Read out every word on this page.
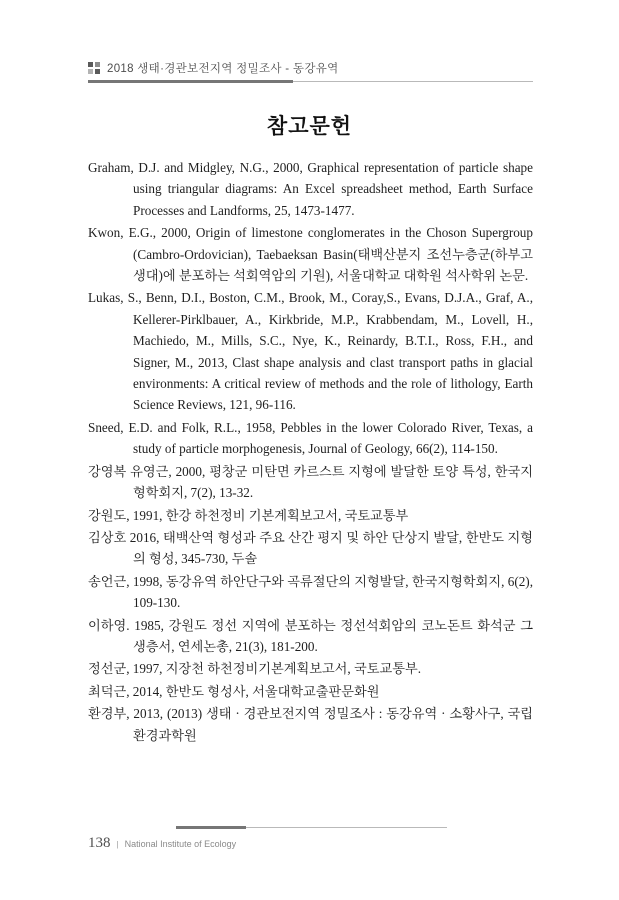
2018 생태·경관보전지역 정밀조사 - 동강유역
참고문헌

Graham, D.J. and Midgley, N.G., 2000, Graphical representation of particle shape using triangular diagrams: An Excel spreadsheet method, Earth Surface Processes and Landforms, 25, 1473-1477.

Kwon, E.G., 2000, Origin of limestone conglomerates in the Choson Supergroup (Cambro-Ordovician), Taebaeksan Basin(태백산분지 조선누층군(하부고생대)에 분포하는 석회역암의 기원), 서울대학교 대학원 석사학위 논문.

Lukas, S., Benn, D.I., Boston, C.M., Brook, M., Coray,S., Evans, D.J.A., Graf, A., Kellerer-Pirklbauer, A., Kirkbride, M.P., Krabbendam, M., Lovell, H., Machiedo, M., Mills, S.C., Nye, K., Reinardy, B.T.I., Ross, F.H., and Signer, M., 2013, Clast shape analysis and clast transport paths in glacial environments: A critical review of methods and the role of lithology, Earth Science Reviews, 121, 96-116.

Sneed, E.D. and Folk, R.L., 1958, Pebbles in the lower Colorado River, Texas, a study of particle morphogenesis, Journal of Geology, 66(2), 114-150.

강영복 유영근, 2000, 평창군 미탄면 카르스트 지형에 발달한 토양 특성, 한국지형학회지, 7(2), 13-32.

강원도, 1991, 한강 하천정비 기본계획보고서, 국토교통부

김상호 2016, 태백산역 형성과 주요 산간 평지 및 하안 단상지 발달, 한반도 지형의 형성, 345-730, 두솔

송언근, 1998, 동강유역 하안단구와 곡류절단의 지형발달, 한국지형학회지, 6(2), 109-130.

이하영. 1985, 강원도 정선 지역에 분포하는 정선석회암의 코노돈트 화석군 그 생층서, 연세논총, 21(3), 181-200.

정선군, 1997, 지장천 하천정비기본계획보고서, 국토교통부.

최덕근, 2014, 한반도 형성사, 서울대학교출판문화원

환경부, 2013, (2013) 생태 · 경관보전지역 정밀조사 : 동강유역 · 소황사구, 국립환경과학원

138 | National Institute of Ecology
